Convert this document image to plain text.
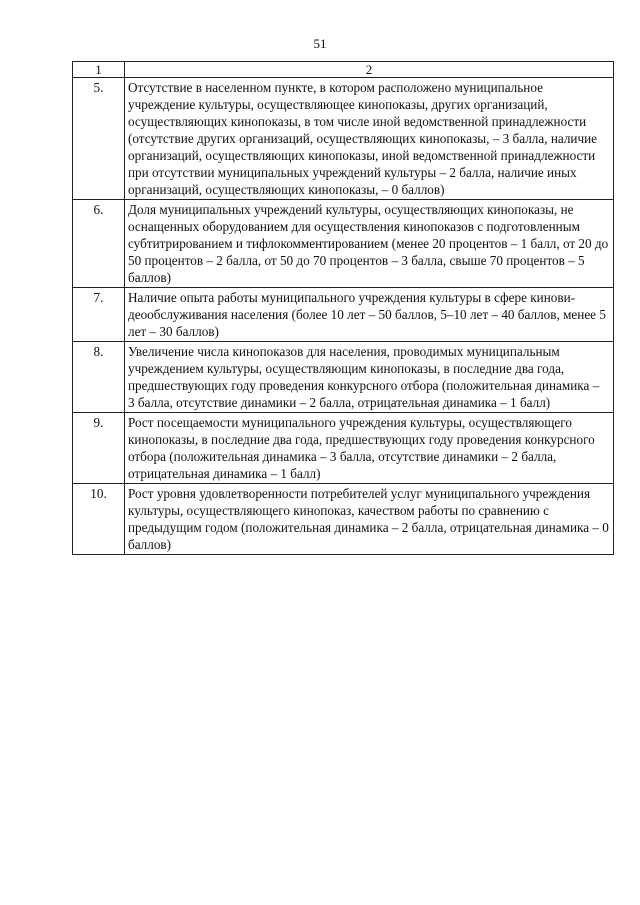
51
1	2
5.	Отсутствие в населенном пункте, в котором расположено муниципальное учреждение культуры, осуществляющее кинопоказы, других организаций, осуществляющих кинопоказы, в том числе иной ведомственной принадлежности (отсутствие других организаций, осуществляющих кинопоказы, – 3 балла, наличие организаций, осуществляющих кинопоказы, иной ведомственной принадлежности при отсутствии муниципальных учреждений культуры – 2 балла, наличие иных организаций, осуществляющих кинопоказы, – 0 баллов)
6.	Доля муниципальных учреждений культуры, осуществляющих кинопоказы, не оснащенных оборудованием для осуществления кинопоказов с подготовленным субтитрированием и тифлокомментированием (менее 20 процентов – 1 балл, от 20 до 50 процентов – 2 балла, от 50 до 70 процентов – 3 балла, свыше 70 процентов – 5 баллов)
7.	Наличие опыта работы муниципального учреждения культуры в сфере киновидеообслуживания населения (более 10 лет – 50 баллов, 5–10 лет – 40 баллов, менее 5 лет – 30 баллов)
8.	Увеличение числа кинопоказов для населения, проводимых муниципальным учреждением культуры, осуществляющим кинопоказы, в последние два года, предшествующих году проведения конкурсного отбора (положительная динамика – 3 балла, отсутствие динамики – 2 балла, отрицательная динамика – 1 балл)
9.	Рост посещаемости муниципального учреждения культуры, осуществляющего кинопоказы, в последние два года, предшествующих году проведения конкурсного отбора (положительная динамика – 3 балла, отсутствие динамики – 2 балла, отрицательная динамика – 1 балл)
10.	Рост уровня удовлетворенности потребителей услуг муниципального учреждения культуры, осуществляющего кинопоказ, качеством работы по сравнению с предыдущим годом (положительная динамика – 2 балла, отрицательная динамика – 0 баллов)
